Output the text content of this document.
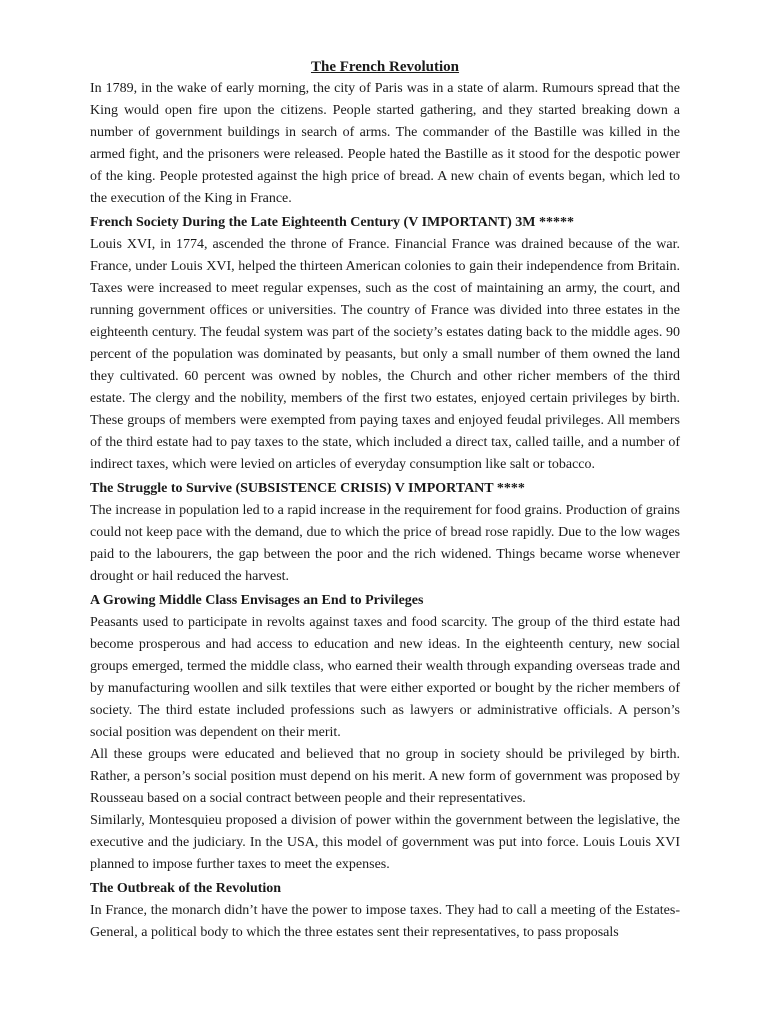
The French Revolution

In 1789, in the wake of early morning, the city of Paris was in a state of alarm. Rumours spread that the King would open fire upon the citizens. People started gathering, and they started breaking down a number of government buildings in search of arms. The commander of the Bastille was killed in the armed fight, and the prisoners were released. People hated the Bastille as it stood for the despotic power of the king. People protested against the high price of bread. A new chain of events began, which led to the execution of the King in France.

French Society During the Late Eighteenth Century (V IMPORTANT) 3M *****

Louis XVI, in 1774, ascended the throne of France. Financial France was drained because of the war. France, under Louis XVI, helped the thirteen American colonies to gain their independence from Britain. Taxes were increased to meet regular expenses, such as the cost of maintaining an army, the court, and running government offices or universities. The country of France was divided into three estates in the eighteenth century. The feudal system was part of the society’s estates dating back to the middle ages. 90 percent of the population was dominated by peasants, but only a small number of them owned the land they cultivated. 60 percent was owned by nobles, the Church and other richer members of the third estate. The clergy and the nobility, members of the first two estates, enjoyed certain privileges by birth. These groups of members were exempted from paying taxes and enjoyed feudal privileges. All members of the third estate had to pay taxes to the state, which included a direct tax, called taille, and a number of indirect taxes, which were levied on articles of everyday consumption like salt or tobacco.

The Struggle to Survive (SUBSISTENCE CRISIS) V IMPORTANT ****

The increase in population led to a rapid increase in the requirement for food grains. Production of grains could not keep pace with the demand, due to which the price of bread rose rapidly. Due to the low wages paid to the labourers, the gap between the poor and the rich widened. Things became worse whenever drought or hail reduced the harvest.

A Growing Middle Class Envisages an End to Privileges

Peasants used to participate in revolts against taxes and food scarcity. The group of the third estate had become prosperous and had access to education and new ideas. In the eighteenth century, new social groups emerged, termed the middle class, who earned their wealth through expanding overseas trade and by manufacturing woollen and silk textiles that were either exported or bought by the richer members of society. The third estate included professions such as lawyers or administrative officials. A person’s social position was dependent on their merit.

All these groups were educated and believed that no group in society should be privileged by birth. Rather, a person’s social position must depend on his merit. A new form of government was proposed by Rousseau based on a social contract between people and their representatives.

Similarly, Montesquieu proposed a division of power within the government between the legislative, the executive and the judiciary. In the USA, this model of government was put into force. Louis Louis XVI planned to impose further taxes to meet the expenses.

The Outbreak of the Revolution

In France, the monarch didn’t have the power to impose taxes. They had to call a meeting of the Estates-General, a political body to which the three estates sent their representatives, to pass proposals
